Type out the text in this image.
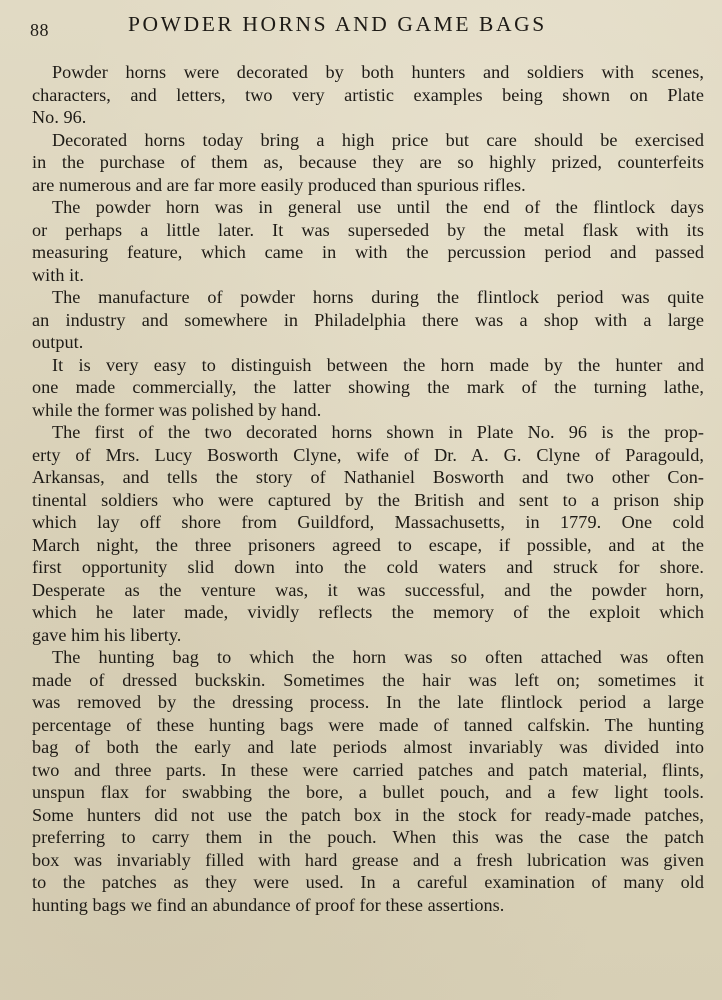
88	POWDER HORNS AND GAME BAGS
Powder horns were decorated by both hunters and soldiers with scenes,
characters, and letters, two very artistic examples being shown on Plate
No. 96.
Decorated horns today bring a high price but care should be exercised
in the purchase of them as, because they are so highly prized, counterfeits
are numerous and are far more easily produced than spurious rifles.
The powder horn was in general use until the end of the flintlock days
or perhaps a little later. It was superseded by the metal flask with its
measuring feature, which came in with the percussion period and passed
with it.
The manufacture of powder horns during the flintlock period was quite
an industry and somewhere in Philadelphia there was a shop with a large
output.
It is very easy to distinguish between the horn made by the hunter and
one made commercially, the latter showing the mark of the turning lathe,
while the former was polished by hand.
The first of the two decorated horns shown in Plate No. 96 is the prop-
erty of Mrs. Lucy Bosworth Clyne, wife of Dr. A. G. Clyne of Paragould,
Arkansas, and tells the story of Nathaniel Bosworth and two other Con-
tinental soldiers who were captured by the British and sent to a prison ship
which lay off shore from Guildford, Massachusetts, in 1779. One cold
March night, the three prisoners agreed to escape, if possible, and at the
first opportunity slid down into the cold waters and struck for shore.
Desperate as the venture was, it was successful, and the powder horn,
which he later made, vividly reflects the memory of the exploit which
gave him his liberty.
The hunting bag to which the horn was so often attached was often
made of dressed buckskin. Sometimes the hair was left on; sometimes it
was removed by the dressing process. In the late flintlock period a large
percentage of these hunting bags were made of tanned calfskin. The hunting
bag of both the early and late periods almost invariably was divided into
two and three parts. In these were carried patches and patch material, flints,
unspun flax for swabbing the bore, a bullet pouch, and a few light tools.
Some hunters did not use the patch box in the stock for ready-made patches,
preferring to carry them in the pouch. When this was the case the patch
box was invariably filled with hard grease and a fresh lubrication was given
to the patches as they were used. In a careful examination of many old
hunting bags we find an abundance of proof for these assertions.
